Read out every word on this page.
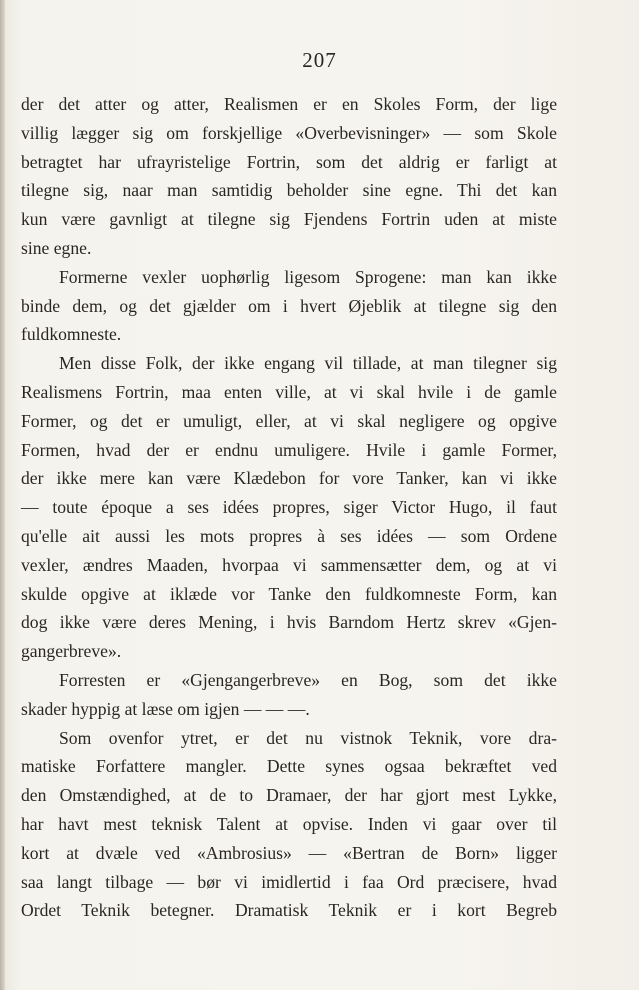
207
der det atter og atter, Realismen er en Skoles Form, der lige
villig lægger sig om forskjellige «Overbevisninger» — som Skole
betragtet har ufrayristelige Fortrin, som det aldrig er farligt at
tilegne sig, naar man samtidig beholder sine egne. Thi det kan
kun være gavnligt at tilegne sig Fjendens Fortrin uden at miste
sine egne.
Formerne vexler uophørlig ligesom Sprogene: man kan ikke
binde dem, og det gjælder om i hvert Øjeblik at tilegne sig den
fuldkomneste.
Men disse Folk, der ikke engang vil tillade, at man tilegner sig
Realismens Fortrin, maa enten ville, at vi skal hvile i de gamle
Former, og det er umuligt, eller, at vi skal negligere og opgive
Formen, hvad der er endnu umuligere. Hvile i gamle Former,
der ikke mere kan være Klædebon for vore Tanker, kan vi ikke
— toute époque a ses idées propres, siger Victor Hugo, il faut
qu'elle ait aussi les mots propres à ses idées — som Ordene
vexler, ændres Maaden, hvorpaa vi sammensætter dem, og at vi
skulde opgive at iklæde vor Tanke den fuldkomneste Form, kan
dog ikke være deres Mening, i hvis Barndom Hertz skrev «Gjen-
gangerbreve».
Forresten er «Gjengangerbreve» en Bog, som det ikke
skader hyppig at læse om igjen — — —.
Som ovenfor ytret, er det nu vistnok Teknik, vore dra-
matiske Forfattere mangler. Dette synes ogsaa bekræftet ved
den Omstændighed, at de to Dramaer, der har gjort mest Lykke,
har havt mest teknisk Talent at opvise. Inden vi gaar over til
kort at dvæle ved «Ambrosius» — «Bertran de Born» ligger
saa langt tilbage — bør vi imidlertid i faa Ord præcisere, hvad
Ordet Teknik betegner. Dramatisk Teknik er i kort Begreb
